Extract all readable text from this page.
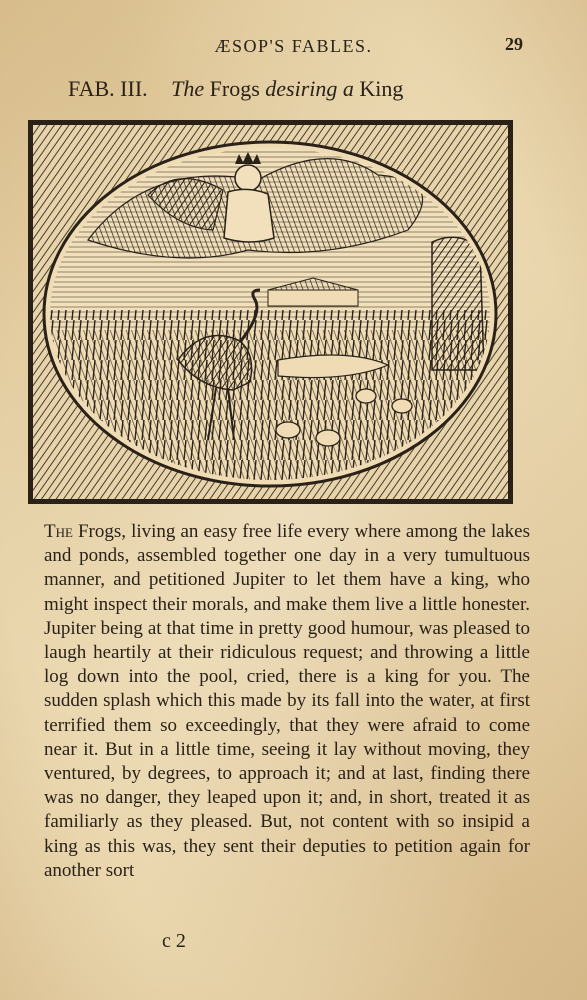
ÆSOP'S FABLES.	29
FAB. III. The Frogs desiring a King
The Frogs, living an easy free life every where among the lakes and ponds, assembled together one day in a very tumultuous manner, and petitioned Jupiter to let them have a king, who might inspect their morals, and make them live a little honester. Jupiter being at that time in pretty good humour, was pleased to laugh heartily at their ridiculous request; and throwing a little log down into the pool, cried, there is a king for you. The sudden splash which this made by its fall into the water, at first terrified them so exceedingly, that they were afraid to come near it. But in a little time, seeing it lay without moving, they ventured, by degrees, to approach it; and at last, finding there was no danger, they leaped upon it; and, in short, treated it as familiarly as they pleased. But, not content with so insipid a king as this was, they sent their deputies to petition again for another sort
c 2
